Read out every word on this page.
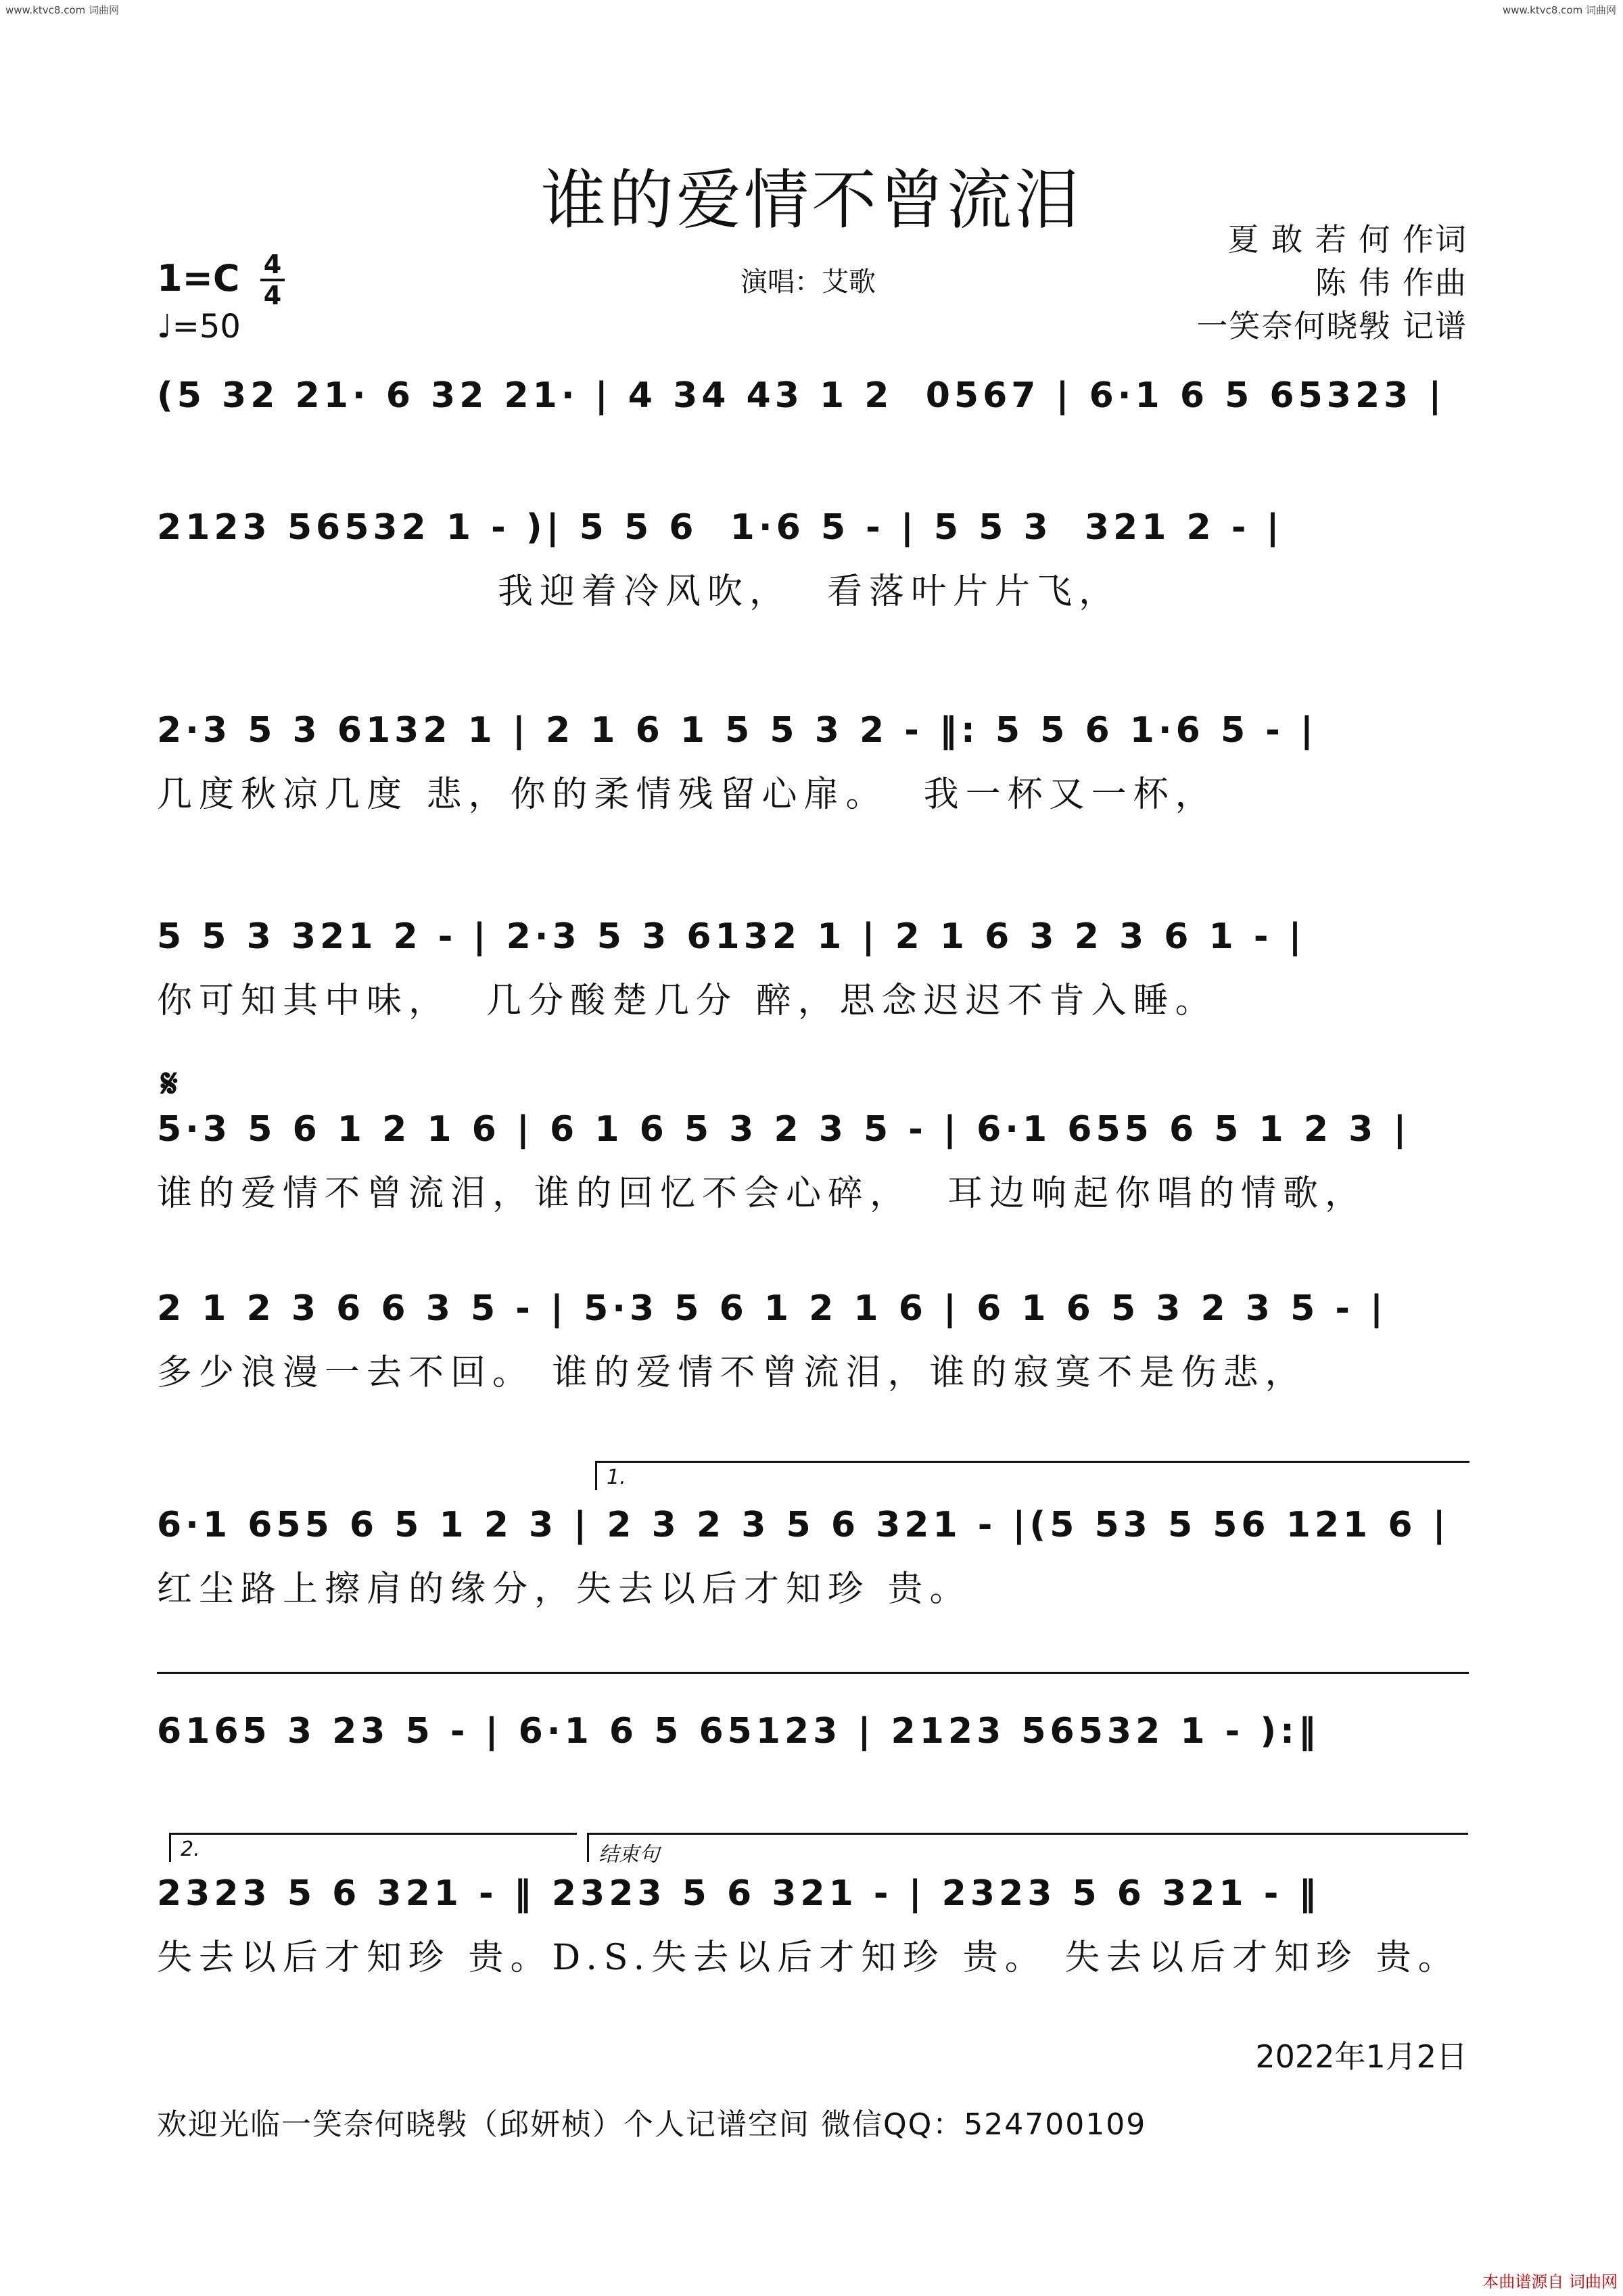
www.ktvc8.com 词曲网	www.ktvc8.com 词曲网
谁的爱情不曾流泪
夏 敢 若 何 作词
陈 伟 作曲
一笑奈何晓斅 记谱
演唱：艾歌
1=C 4
4
♩=50
(5 32 21· 6 32 21· | 4 34 43 1 2  0567 | 6·1 6 5 65323 |
2123 56532 1 - )| 5 5 6  1·6 5 - | 5 5 3  321 2 - |
我迎着冷风吹，  看落叶片片飞，
2·3 5 3 6132 1 | 2 1 6 1 5 5 3 2 - ‖: 5 5 6 1·6 5 - |
几度秋凉几度 悲，你的柔情残留心扉。  我一杯又一杯，
5 5 3 321 2 - | 2·3 5 3 6132 1 | 2 1 6 3 2 3 6 1 - |
你可知其中味，  几分酸楚几分 醉，思念迟迟不肯入睡。
𝄋
5·3 5 6 1 2 1 6 | 6 1 6 5 3 2 3 5 - | 6·1 655 6 5 1 2 3 |
谁的爱情不曾流泪，谁的回忆不会心碎，  耳边响起你唱的情歌，
2 1 2 3 6 6 3 5 - | 5·3 5 6 1 2 1 6 | 6 1 6 5 3 2 3 5 - |
多少浪漫一去不回。 谁的爱情不曾流泪，谁的寂寞不是伤悲，
1.
6·1 655 6 5 1 2 3 | 2 3 2 3 5 6 321 - |(5 53 5 56 121 6 |
红尘路上擦肩的缘分，失去以后才知珍 贵。
6165 3 23 5 - | 6·1 6 5 65123 | 2123 56532 1 - ):‖
2.	结束句
2323 5 6 321 - ‖ 2323 5 6 321 - | 2323 5 6 321 - ‖
失去以后才知珍 贵。D.S.失去以后才知珍 贵。 失去以后才知珍 贵。
2022年1月2日
欢迎光临一笑奈何晓斅（邱妍桢）个人记谱空间 微信QQ：524700109
本曲谱源自 词曲网
